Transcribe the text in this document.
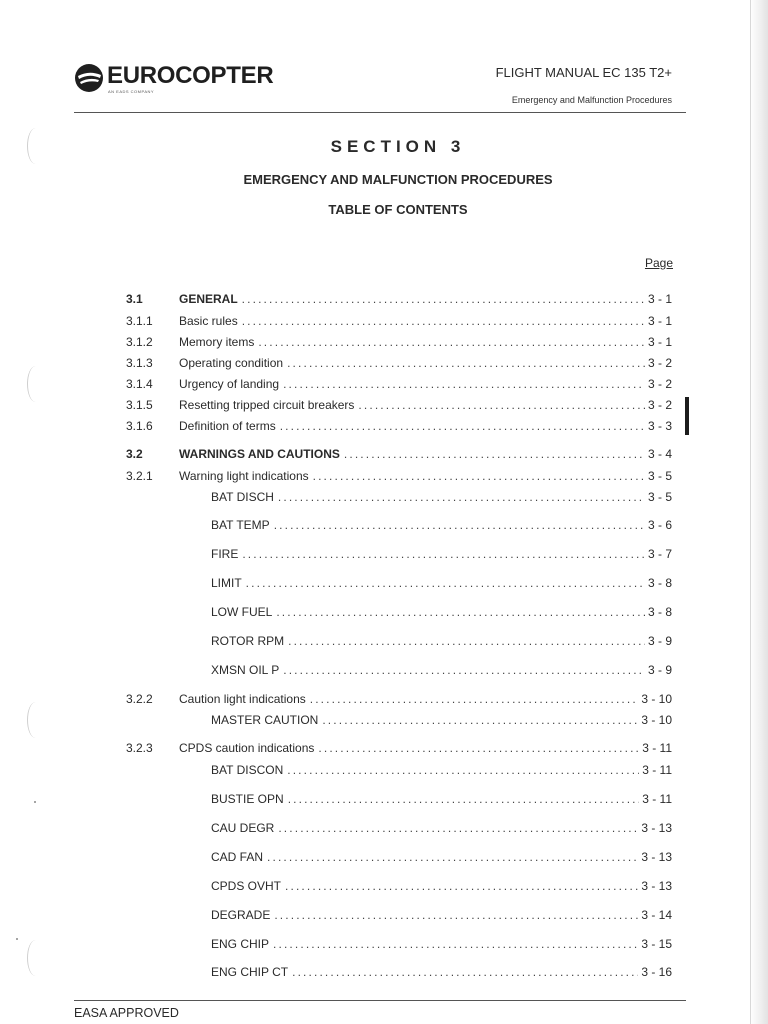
EUROCOPTER
AN EADS COMPANY
FLIGHT MANUAL EC 135 T2+
Emergency and Malfunction Procedures
SECTION 3
EMERGENCY AND MALFUNCTION PROCEDURES
TABLE OF CONTENTS
Page
3.1	GENERAL . . .	3 - 1
3.1.1 Basic rules . . .	3 - 1
3.1.2 Memory items . . .	3 - 1
3.1.3 Operating condition . . .	3 - 2
3.1.4 Urgency of landing . . .	3 - 2
3.1.5 Resetting tripped circuit breakers . . .	3 - 2
3.1.6 Definition of terms . . .	3 - 3
3.2	WARNINGS AND CAUTIONS . . .	3 - 4
3.2.1 Warning light indications . . .	3 - 5
BAT DISCH . . .	3 - 5
BAT TEMP . . .	3 - 6
FIRE . . .	3 - 7
LIMIT . . .	3 - 8
LOW FUEL . . .	3 - 8
ROTOR RPM . . .	3 - 9
XMSN OIL P . . .	3 - 9
3.2.2 Caution light indications . . .	3 - 10
MASTER CAUTION . . .	3 - 10
3.2.3 CPDS caution indications . . .	3 - 11
BAT DISCON . . .	3 - 11
BUSTIE OPN . . .	3 - 11
CAU DEGR . . .	3 - 13
CAD FAN . . .	3 - 13
CPDS OVHT . . .	3 - 13
DEGRADE . . .	3 - 14
ENG CHIP . . .	3 - 15
ENG CHIP CT . . .	3 - 16
EASA APPROVED
